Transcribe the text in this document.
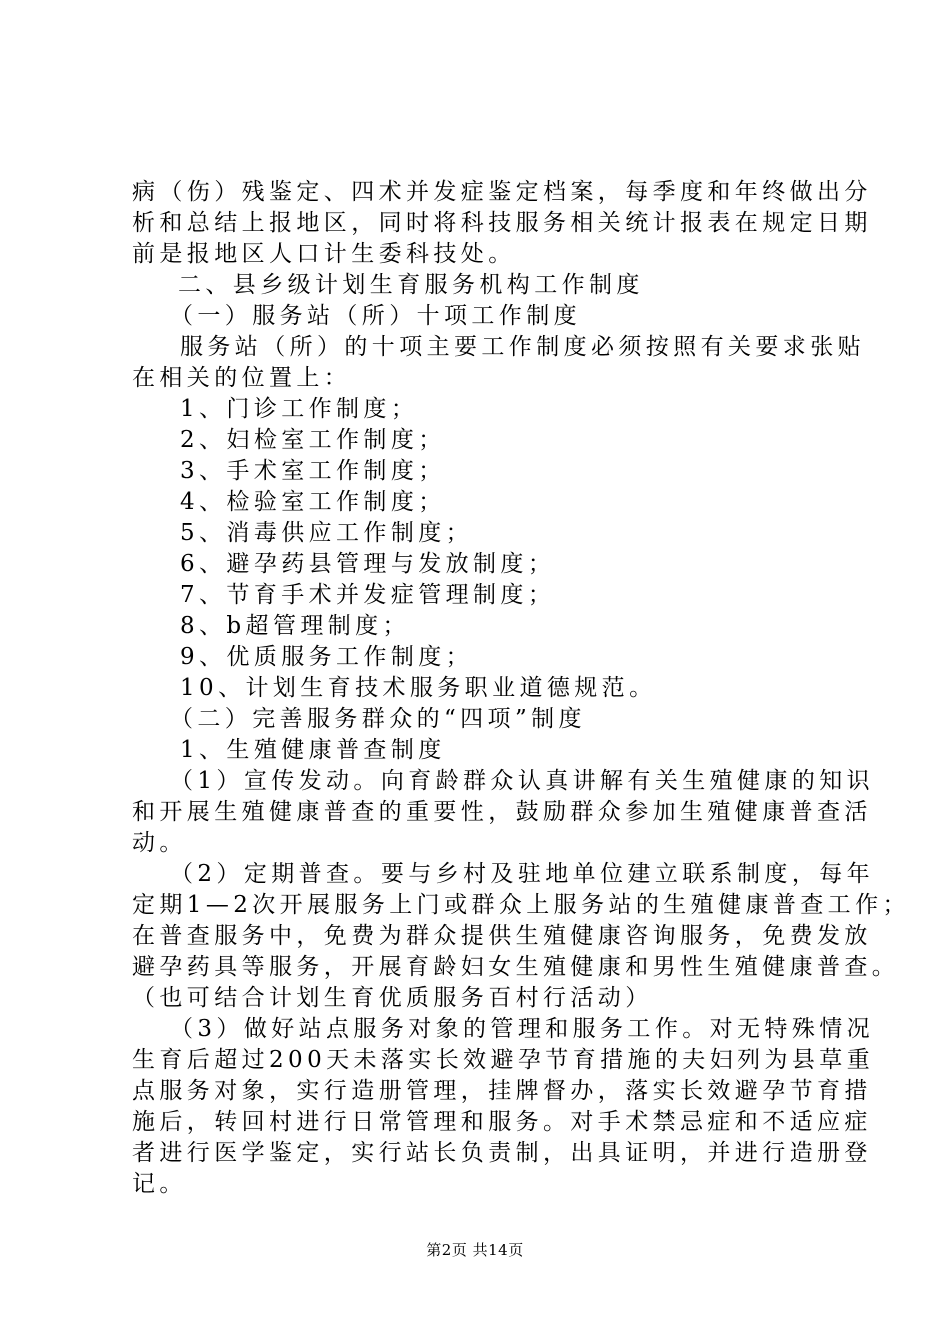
病（伤）残鉴定、四术并发症鉴定档案，每季度和年终做出分
析和总结上报地区，同时将科技服务相关统计报表在规定日期
前是报地区人口计生委科技处。
二、县乡级计划生育服务机构工作制度
（一）服务站（所）十项工作制度
服务站（所）的十项主要工作制度必须按照有关要求张贴
在相关的位置上：
1、门诊工作制度；
2、妇检室工作制度；
3、手术室工作制度；
4、检验室工作制度；
5、消毒供应工作制度；
6、避孕药县管理与发放制度；
7、节育手术并发症管理制度；
8、b超管理制度；
9、优质服务工作制度；
10、计划生育技术服务职业道德规范。
（二）完善服务群众的“四项”制度
1、生殖健康普查制度
（1）宣传发动。向育龄群众认真讲解有关生殖健康的知识
和开展生殖健康普查的重要性，鼓励群众参加生殖健康普查活
动。
（2）定期普查。要与乡村及驻地单位建立联系制度，每年
定期1—2次开展服务上门或群众上服务站的生殖健康普查工作；
在普查服务中，免费为群众提供生殖健康咨询服务，免费发放
避孕药具等服务，开展育龄妇女生殖健康和男性生殖健康普查。
（也可结合计划生育优质服务百村行活动）
（3）做好站点服务对象的管理和服务工作。对无特殊情况
生育后超过200天未落实长效避孕节育措施的夫妇列为县草重
点服务对象，实行造册管理，挂牌督办，落实长效避孕节育措
施后，转回村进行日常管理和服务。对手术禁忌症和不适应症
者进行医学鉴定，实行站长负责制，出具证明，并进行造册登
记。
第2页 共14页
